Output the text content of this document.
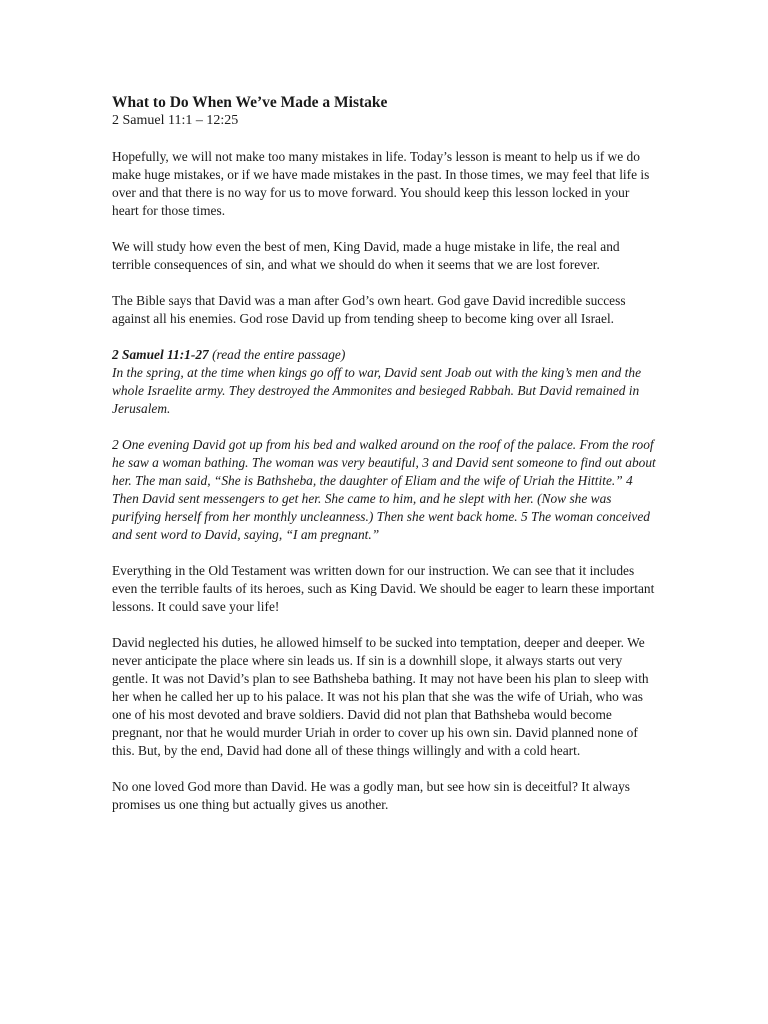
What to Do When We’ve Made a Mistake
2 Samuel 11:1 – 12:25

Hopefully, we will not make too many mistakes in life. Today’s lesson is meant to help us if we do make huge mistakes, or if we have made mistakes in the past. In those times, we may feel that life is over and that there is no way for us to move forward. You should keep this lesson locked in your heart for those times.

We will study how even the best of men, King David, made a huge mistake in life, the real and terrible consequences of sin, and what we should do when it seems that we are lost forever.

The Bible says that David was a man after God’s own heart. God gave David incredible success against all his enemies. God rose David up from tending sheep to become king over all Israel.

2 Samuel 11:1-27 (read the entire passage)

In the spring, at the time when kings go off to war, David sent Joab out with the king’s men and the whole Israelite army. They destroyed the Ammonites and besieged Rabbah. But David remained in Jerusalem.

2 One evening David got up from his bed and walked around on the roof of the palace. From the roof he saw a woman bathing. The woman was very beautiful, 3 and David sent someone to find out about her. The man said, “She is Bathsheba, the daughter of Eliam and the wife of Uriah the Hittite.” 4 Then David sent messengers to get her. She came to him, and he slept with her. (Now she was purifying herself from her monthly uncleanness.) Then she went back home. 5 The woman conceived and sent word to David, saying, “I am pregnant.”

Everything in the Old Testament was written down for our instruction. We can see that it includes even the terrible faults of its heroes, such as King David. We should be eager to learn these important lessons. It could save your life!

David neglected his duties, he allowed himself to be sucked into temptation, deeper and deeper. We never anticipate the place where sin leads us. If sin is a downhill slope, it always starts out very gentle. It was not David’s plan to see Bathsheba bathing. It may not have been his plan to sleep with her when he called her up to his palace. It was not his plan that she was the wife of Uriah, who was one of his most devoted and brave soldiers. David did not plan that Bathsheba would become pregnant, nor that he would murder Uriah in order to cover up his own sin. David planned none of this. But, by the end, David had done all of these things willingly and with a cold heart.

No one loved God more than David. He was a godly man, but see how sin is deceitful? It always promises us one thing but actually gives us another.
